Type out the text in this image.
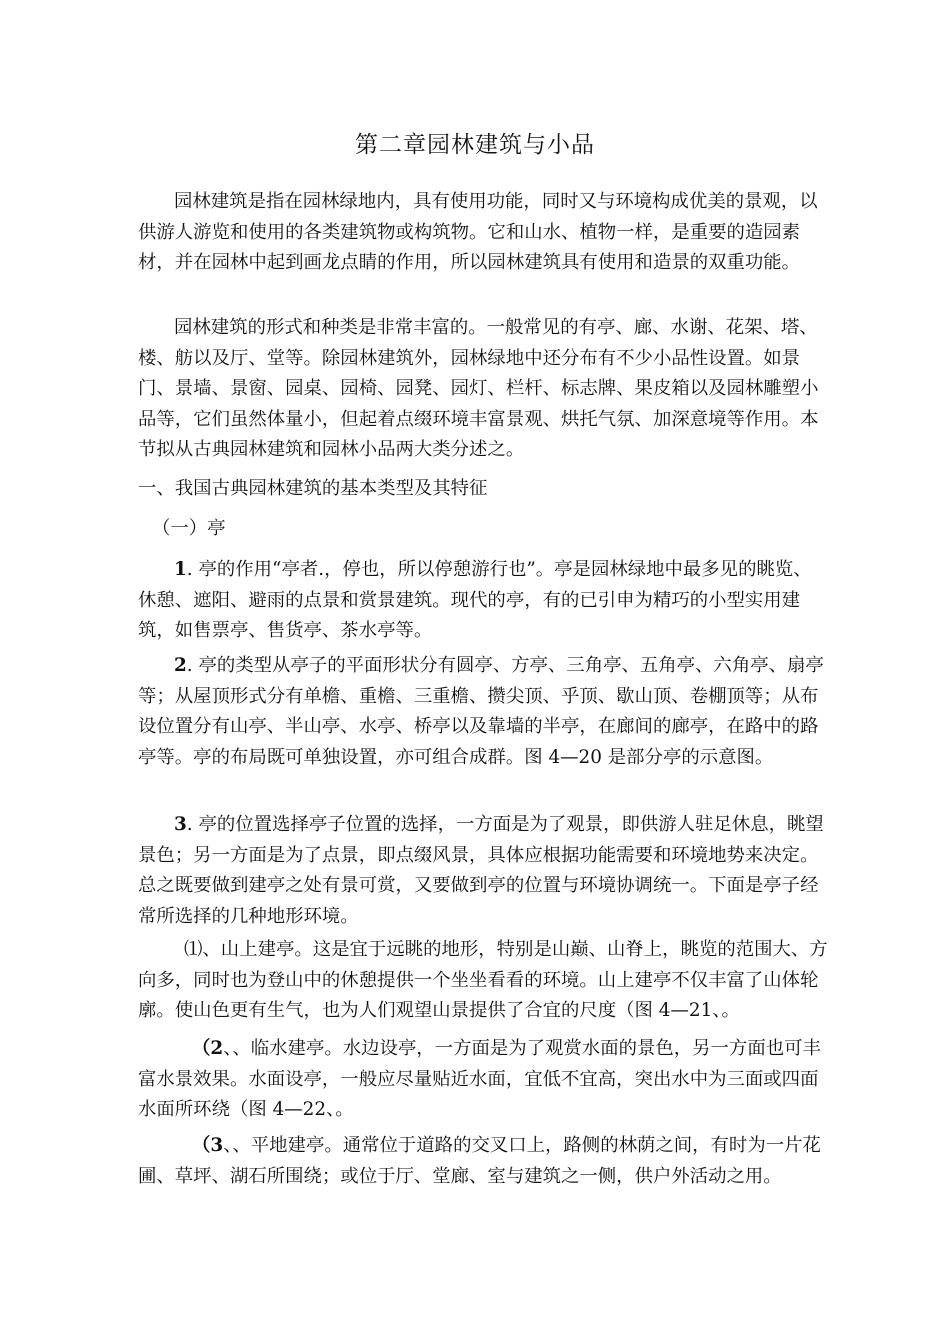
第二章园林建筑与小品

园林建筑是指在园林绿地内，具有使用功能，同时又与环境构成优美的景观，以供游人游览和使用的各类建筑物或构筑物。它和山水、植物一样，是重要的造园素材，并在园林中起到画龙点睛的作用，所以园林建筑具有使用和造景的双重功能。

园林建筑的形式和种类是非常丰富的。一般常见的有亭、廊、水谢、花架、塔、楼、舫以及厅、堂等。除园林建筑外，园林绿地中还分布有不少小品性设置。如景门、景墙、景窗、园桌、园椅、园凳、园灯、栏杆、标志牌、果皮箱以及园林雕塑小品等，它们虽然体量小，但起着点缀环境丰富景观、烘托气氛、加深意境等作用。本节拟从古典园林建筑和园林小品两大类分述之。

一、我国古典园林建筑的基本类型及其特征

（一）亭

1. 亭的作用“亭者.，停也，所以停憩游行也”。亭是园林绿地中最多见的眺览、休憩、遮阳、避雨的点景和赏景建筑。现代的亭，有的已引申为精巧的小型实用建筑，如售票亭、售货亭、茶水亭等。

2. 亭的类型从亭子的平面形状分有圆亭、方亭、三角亭、五角亭、六角亭、扇亭等；从屋顶形式分有单檐、重檐、三重檐、攒尖顶、乎顶、歇山顶、卷棚顶等；从布设位置分有山亭、半山亭、水亭、桥亭以及靠墙的半亭，在廊间的廊亭，在路中的路亭等。亭的布局既可单独设置，亦可组合成群。图 4—20 是部分亭的示意图。

3. 亭的位置选择亭子位置的选择，一方面是为了观景，即供游人驻足休息，眺望景色；另一方面是为了点景，即点缀风景，具体应根据功能需要和环境地势来决定。总之既要做到建亭之处有景可赏，又要做到亭的位置与环境协调统一。下面是亭子经常所选择的几种地形环境。

⑴、山上建亭。这是宜于远眺的地形，特别是山巅、山脊上，眺览的范围大、方向多，同时也为登山中的休憩提供一个坐坐看看的环境。山上建亭不仅丰富了山体轮廓。使山色更有生气，也为人们观望山景提供了合宜的尺度（图 4—21、。

（2、、临水建亭。水边设亭，一方面是为了观赏水面的景色，另一方面也可丰富水景效果。水面设亭，一般应尽量贴近水面，宜低不宜高，突出水中为三面或四面水面所环绕（图 4—22、。

（3、、平地建亭。通常位于道路的交叉口上，路侧的林荫之间，有时为一片花圃、草坪、湖石所围绕；或位于厅、堂廊、室与建筑之一侧，供户外活动之用。
